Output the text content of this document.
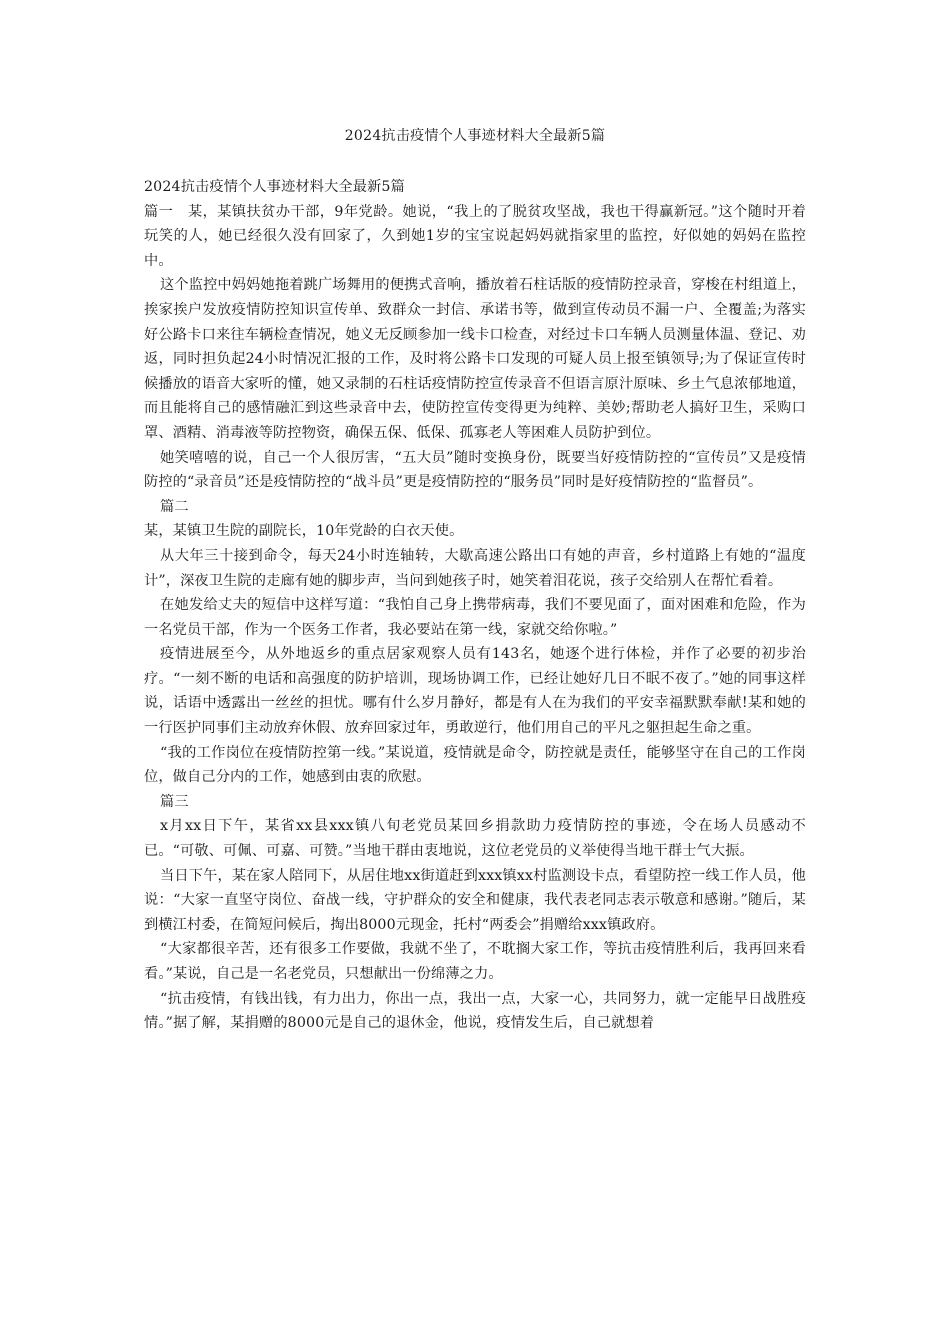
2024抗击疫情个人事迹材料大全最新5篇

2024抗击疫情个人事迹材料大全最新5篇

篇一　某，某镇扶贫办干部，9年党龄。她说，“我上的了脱贫攻坚战，我也干得赢新冠。”这个随时开着玩笑的人，她已经很久没有回家了，久到她1岁的宝宝说起妈妈就指家里的监控，好似她的妈妈在监控中。

这个监控中妈妈她拖着跳广场舞用的便携式音响，播放着石柱话版的疫情防控录音，穿梭在村组道上，挨家挨户发放疫情防控知识宣传单、致群众一封信、承诺书等，做到宣传动员不漏一户、全覆盖;为落实好公路卡口来往车辆检查情况，她义无反顾参加一线卡口检查，对经过卡口车辆人员测量体温、登记、劝返，同时担负起24小时情况汇报的工作，及时将公路卡口发现的可疑人员上报至镇领导;为了保证宣传时候播放的语音大家听的懂，她又录制的石柱话疫情防控宣传录音不但语言原汁原味、乡土气息浓郁地道，而且能将自己的感情融汇到这些录音中去，使防控宣传变得更为纯粹、美妙;帮助老人搞好卫生，采购口罩、酒精、消毒液等防控物资，确保五保、低保、孤寡老人等困难人员防护到位。

她笑嘻嘻的说，自己一个人很厉害，“五大员”随时变换身份，既要当好疫情防控的“宣传员”又是疫情防控的“录音员”还是疫情防控的“战斗员”更是疫情防控的“服务员”同时是好疫情防控的“监督员”。

篇二

某，某镇卫生院的副院长，10年党龄的白衣天使。

从大年三十接到命令，每天24小时连轴转，大歇高速公路出口有她的声音，乡村道路上有她的“温度计”，深夜卫生院的走廊有她的脚步声，当问到她孩子时，她笑着泪花说，孩子交给别人在帮忙看着。

在她发给丈夫的短信中这样写道：“我怕自己身上携带病毒，我们不要见面了，面对困难和危险，作为一名党员干部，作为一个医务工作者，我必要站在第一线，家就交给你啦。”

疫情进展至今，从外地返乡的重点居家观察人员有143名，她逐个进行体检，并作了必要的初步治疗。“一刻不断的电话和高强度的防护培训，现场协调工作，已经让她好几日不眠不夜了。”她的同事这样说，话语中透露出一丝丝的担忧。哪有什么岁月静好，都是有人在为我们的平安幸福默默奉献!某和她的一行医护同事们主动放弃休假、放弃回家过年，勇敢逆行，他们用自己的平凡之躯担起生命之重。

“我的工作岗位在疫情防控第一线。”某说道，疫情就是命令，防控就是责任，能够坚守在自己的工作岗位，做自己分内的工作，她感到由衷的欣慰。

篇三

x月xx日下午，某省xx县xxx镇八旬老党员某回乡捐款助力疫情防控的事迹，令在场人员感动不已。“可敬、可佩、可嘉、可赞。”当地干群由衷地说，这位老党员的义举使得当地干群士气大振。

当日下午，某在家人陪同下，从居住地xx街道赶到xxx镇xx村监测设卡点，看望防控一线工作人员，他说：“大家一直坚守岗位、奋战一线，守护群众的安全和健康，我代表老同志表示敬意和感谢。”随后，某到横江村委，在简短问候后，掏出8000元现金，托村“两委会”捐赠给xxx镇政府。

“大家都很辛苦，还有很多工作要做，我就不坐了，不耽搁大家工作，等抗击疫情胜利后，我再回来看看。”某说，自己是一名老党员，只想献出一份绵薄之力。

“抗击疫情，有钱出钱，有力出力，你出一点，我出一点，大家一心，共同努力，就一定能早日战胜疫情。”据了解，某捐赠的8000元是自己的退休金，他说，疫情发生后，自己就想着
